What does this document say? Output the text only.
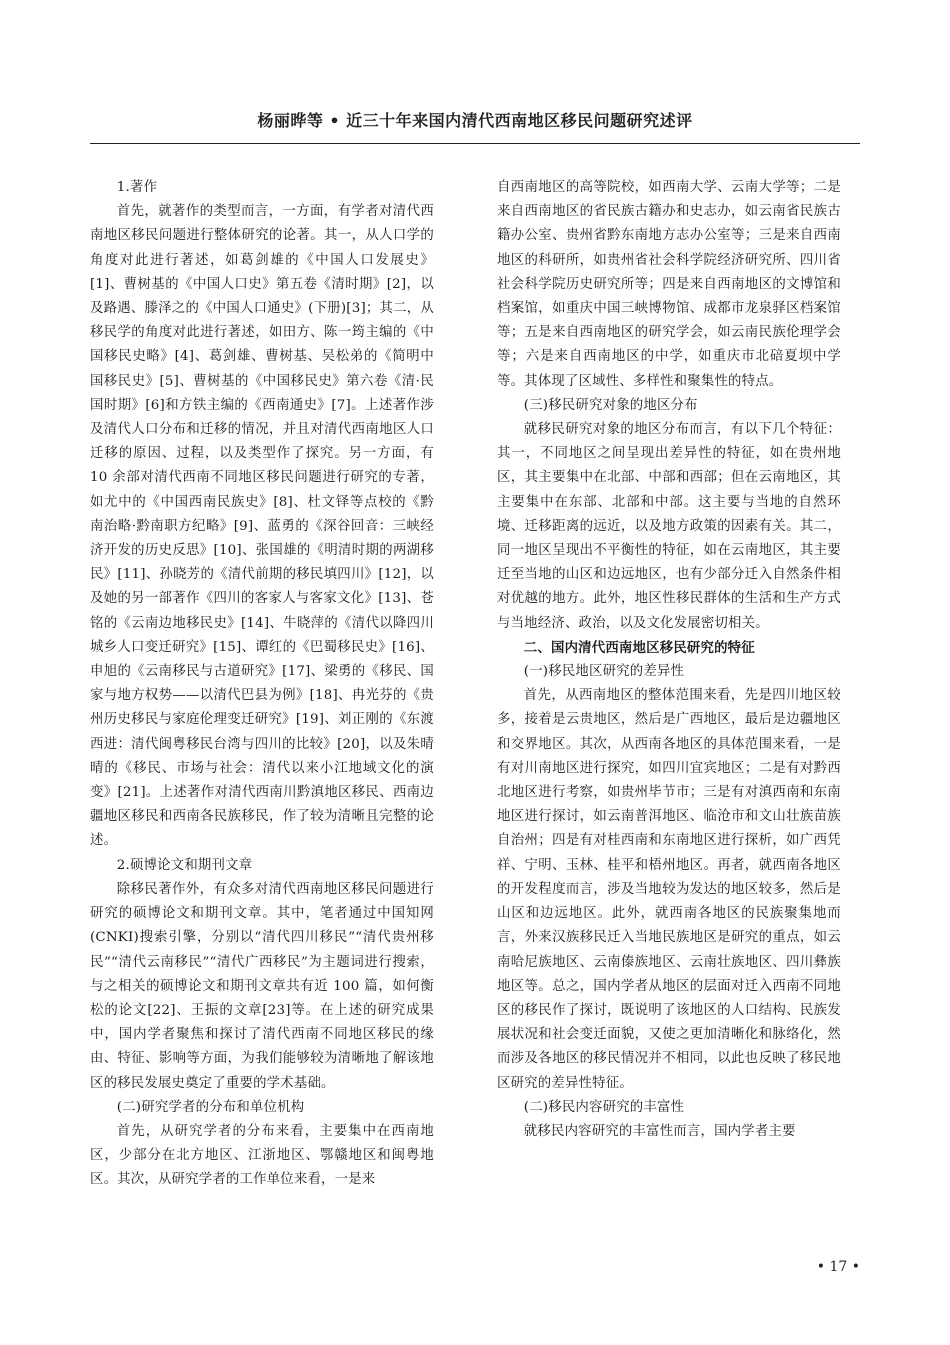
杨丽晔等 • 近三十年来国内清代西南地区移民问题研究述评

1.著作

首先，就著作的类型而言，一方面，有学者对清代西南地区移民问题进行整体研究的论著。其一，从人口学的角度对此进行著述，如葛剑雄的《中国人口发展史》[1]、曹树基的《中国人口史》第五卷《清时期》[2]，以及路遇、滕泽之的《中国人口通史》(下册)[3]；其二，从移民学的角度对此进行著述，如田方、陈一筠主编的《中国移民史略》[4]、葛剑雄、曹树基、吴松弟的《简明中国移民史》[5]、曹树基的《中国移民史》第六卷《清·民国时期》[6]和方铁主编的《西南通史》[7]。上述著作涉及清代人口分布和迁移的情况，并且对清代西南地区人口迁移的原因、过程，以及类型作了探究。另一方面，有 10 余部对清代西南不同地区移民问题进行研究的专著，如尤中的《中国西南民族史》[8]、杜文铎等点校的《黔南治略·黔南职方纪略》[9]、蓝勇的《深谷回音：三峡经济开发的历史反思》[10]、张国雄的《明清时期的两湖移民》[11]、孙晓芳的《清代前期的移民填四川》[12]，以及她的另一部著作《四川的客家人与客家文化》[13]、苍铭的《云南边地移民史》[14]、牛晓萍的《清代以降四川城乡人口变迁研究》[15]、谭红的《巴蜀移民史》[16]、申旭的《云南移民与古道研究》[17]、梁勇的《移民、国家与地方权势——以清代巴县为例》[18]、冉光芬的《贵州历史移民与家庭伦理变迁研究》[19]、刘正刚的《东渡西进：清代闽粤移民台湾与四川的比较》[20]，以及朱晴晴的《移民、市场与社会：清代以来小江地域文化的演变》[21]。上述著作对清代西南川黔滇地区移民、西南边疆地区移民和西南各民族移民，作了较为清晰且完整的论述。

2.硕博论文和期刊文章

除移民著作外，有众多对清代西南地区移民问题进行研究的硕博论文和期刊文章。其中，笔者通过中国知网(CNKI)搜索引擎，分别以“清代四川移民”“清代贵州移民”“清代云南移民”“清代广西移民”为主题词进行搜索，与之相关的硕博论文和期刊文章共有近 100 篇，如何衡松的论文[22]、王振的文章[23]等。在上述的研究成果中，国内学者聚焦和探讨了清代西南不同地区移民的缘由、特征、影响等方面，为我们能够较为清晰地了解该地区的移民发展史奠定了重要的学术基础。

(二)研究学者的分布和单位机构

首先，从研究学者的分布来看，主要集中在西南地区，少部分在北方地区、江浙地区、鄂赣地区和闽粤地区。其次，从研究学者的工作单位来看，一是来

自西南地区的高等院校，如西南大学、云南大学等；二是来自西南地区的省民族古籍办和史志办，如云南省民族古籍办公室、贵州省黔东南地方志办公室等；三是来自西南地区的科研所，如贵州省社会科学院经济研究所、四川省社会科学院历史研究所等；四是来自西南地区的文博馆和档案馆，如重庆中国三峡博物馆、成都市龙泉驿区档案馆等；五是来自西南地区的研究学会，如云南民族伦理学会等；六是来自西南地区的中学，如重庆市北碚夏坝中学等。其体现了区域性、多样性和聚集性的特点。

(三)移民研究对象的地区分布

就移民研究对象的地区分布而言，有以下几个特征：其一，不同地区之间呈现出差异性的特征，如在贵州地区，其主要集中在北部、中部和西部；但在云南地区，其主要集中在东部、北部和中部。这主要与当地的自然环境、迁移距离的远近，以及地方政策的因素有关。其二，同一地区呈现出不平衡性的特征，如在云南地区，其主要迁至当地的山区和边远地区，也有少部分迁入自然条件相对优越的地方。此外，地区性移民群体的生活和生产方式与当地经济、政治，以及文化发展密切相关。

二、国内清代西南地区移民研究的特征

(一)移民地区研究的差异性

首先，从西南地区的整体范围来看，先是四川地区较多，接着是云贵地区，然后是广西地区，最后是边疆地区和交界地区。其次，从西南各地区的具体范围来看，一是有对川南地区进行探究，如四川宜宾地区；二是有对黔西北地区进行考察，如贵州毕节市；三是有对滇西南和东南地区进行探讨，如云南普洱地区、临沧市和文山壮族苗族自治州；四是有对桂西南和东南地区进行探析，如广西凭祥、宁明、玉林、桂平和梧州地区。再者，就西南各地区的开发程度而言，涉及当地较为发达的地区较多，然后是山区和边远地区。此外，就西南各地区的民族聚集地而言，外来汉族移民迁入当地民族地区是研究的重点，如云南哈尼族地区、云南傣族地区、云南壮族地区、四川彝族地区等。总之，国内学者从地区的层面对迁入西南不同地区的移民作了探讨，既说明了该地区的人口结构、民族发展状况和社会变迁面貌，又使之更加清晰化和脉络化，然而涉及各地区的移民情况并不相同，以此也反映了移民地区研究的差异性特征。

(二)移民内容研究的丰富性

就移民内容研究的丰富性而言，国内学者主要

• 17 •
